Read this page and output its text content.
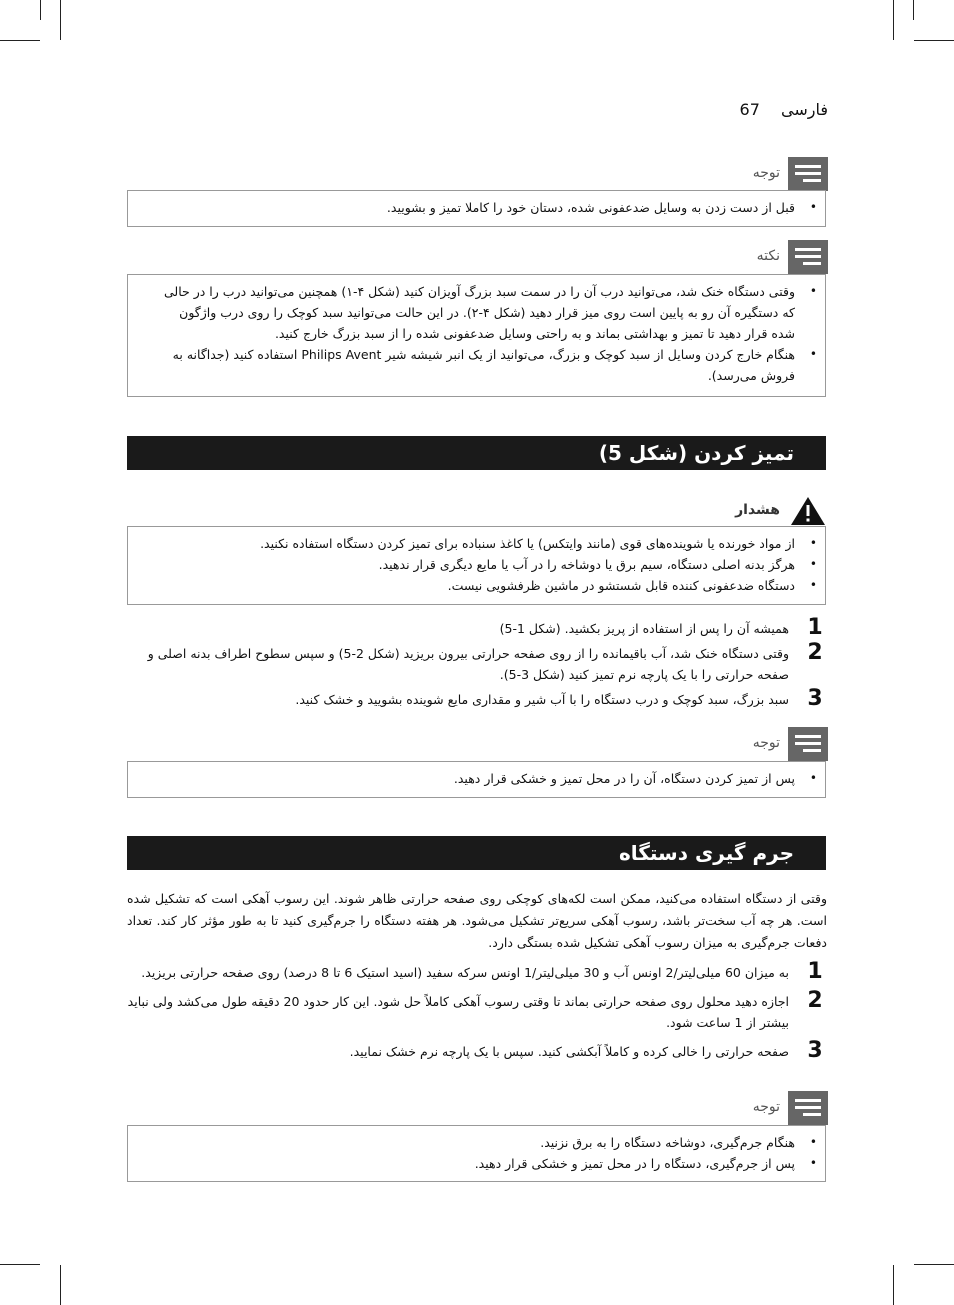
67 فارسی
توجه
• قبل از دست زدن به وسایل ضدعفونی شده، دستان خود را کاملا تمیز و بشویید.
نکته
• وقتی دستگاه خنک شد، می‌توانید درب آن را در سمت سبد بزرگ آویزان کنید (شکل ۴-۱) همچنین می‌توانید درب را در حالی که دستگیره آن رو به پایین است روی میز قرار دهید (شکل ۴-۲). در این حالت می‌توانید سبد کوچک را روی درب واژگون شده قرار دهید تا تمیز و بهداشتی بماند و به راحتی وسایل ضدعفونی شده را از سبد بزرگ خارج کنید.
• هنگام خارج کردن وسایل از سبد کوچک و بزرگ، می‌توانید از یک انبر شیشه شیر Philips Avent استفاده کنید (جداگانه به فروش می‌رسد).
تمیز کردن (شکل 5)
هشدار
• از مواد خورنده یا شوینده‌های قوی (مانند وایتکس) یا کاغذ سنباده برای تمیز کردن دستگاه استفاده نکنید.
• هرگز بدنه اصلی دستگاه، سیم برق یا دوشاخه را در آب یا مایع دیگری قرار ندهید.
• دستگاه ضدعفونی کننده قابل شستشو در ماشین ظرفشویی نیست.
1
همیشه آن را پس از استفاده از پریز بکشید. (شکل 1-5)
2
وقتی دستگاه خنک شد، آب باقیمانده را از روی صفحه حرارتی بیرون بریزید (شکل 2-5) و سپس سطوح اطراف بدنه اصلی و صفحه حرارتی را با یک پارچه نرم تمیز کنید (شکل 3-5).
3
سبد بزرگ، سبد کوچک و درب دستگاه را با آب شیر و مقداری مایع شوینده بشویید و خشک کنید.
توجه
• پس از تمیز کردن دستگاه، آن را در محل تمیز و خشکی قرار دهید.
جرم گیری دستگاه
وقتی از دستگاه استفاده می‌کنید، ممکن است لکه‌های کوچکی روی صفحه حرارتی ظاهر شوند. این رسوب آهکی است که تشکیل شده است. هر چه آب سخت‌تر باشد، رسوب آهکی سریع‌تر تشکیل می‌شود. هر هفته دستگاه را جرم‌گیری کنید تا به طور مؤثر کار کند. تعداد دفعات جرم‌گیری به میزان رسوب آهکی تشکیل شده بستگی دارد.
1
به میزان 60 میلی‌لیتر/2 اونس آب و 30 میلی‌لیتر/1 اونس سرکه سفید (اسید استیک 6 تا 8 درصد) روی صفحه حرارتی بریزید.
2
اجازه دهید محلول روی صفحه حرارتی بماند تا وقتی رسوب آهکی کاملاً حل شود. این کار حدود 20 دقیقه طول می‌کشد ولی نباید بیشتر از 1 ساعت شود.
3
صفحه حرارتی را خالی کرده و کاملاً آبکشی کنید. سپس با یک پارچه نرم خشک نمایید.
توجه
• هنگام جرم‌گیری، دوشاخه دستگاه را به برق نزنید.
• پس از جرم‌گیری، دستگاه را در محل تمیز و خشکی قرار دهید.
